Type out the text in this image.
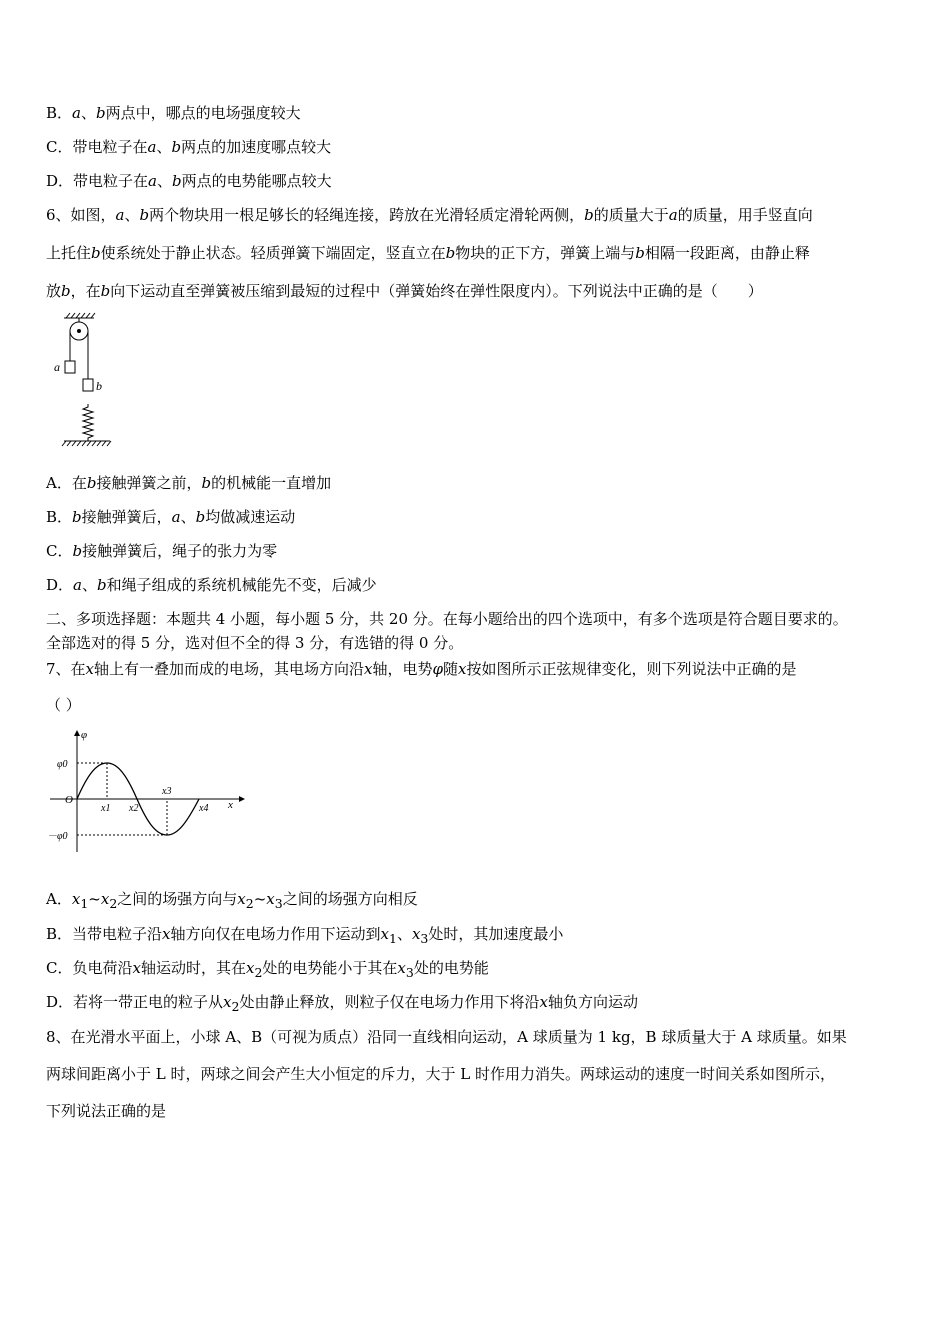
B．a、b两点中，哪点的电场强度较大
C．带电粒子在a、b两点的加速度哪点较大
D．带电粒子在a、b两点的电势能哪点较大
6、如图，a、b两个物块用一根足够长的轻绳连接，跨放在光滑轻质定滑轮两侧，b的质量大于a的质量，用手竖直向
上托住b使系统处于静止状态。轻质弹簧下端固定，竖直立在b物块的正下方，弹簧上端与b相隔一段距离，由静止释
放b，在b向下运动直至弹簧被压缩到最短的过程中（弹簧始终在弹性限度内）。下列说法中正确的是（　　）
a
b
A．在b接触弹簧之前，b的机械能一直增加
B．b接触弹簧后，a、b均做减速运动
C．b接触弹簧后，绳子的张力为零
D．a、b和绳子组成的系统机械能先不变，后减少
二、多项选择题：本题共 4 小题，每小题 5 分，共 20 分。在每小题给出的四个选项中，有多个选项是符合题目要求的。
全部选对的得 5 分，选对但不全的得 3 分，有选错的得 0 分。
7、在x轴上有一叠加而成的电场，其电场方向沿x轴，电势φ随x按如图所示正弦规律变化，则下列说法中正确的是
（ ）
φ
φ0
O
－φ0
x1 x2
x3
x4 x
A．$x_1\sim x_2$之间的场强方向与$x_2\sim x_3$之间的场强方向相反
B．当带电粒子沿x轴方向仅在电场力作用下运动到$x_1$、$x_3$处时，其加速度最小
C．负电荷沿x轴运动时，其在$x_2$处的电势能小于其在$x_3$处的电势能
D．若将一带正电的粒子从$x_2$处由静止释放，则粒子仅在电场力作用下将沿x轴负方向运动
8、在光滑水平面上，小球 A、B（可视为质点）沿同一直线相向运动，A 球质量为 1 kg，B 球质量大于 A 球质量。如果
两球间距离小于 L 时，两球之间会产生大小恒定的斥力，大于 L 时作用力消失。两球运动的速度一时间关系如图所示，
下列说法正确的是
